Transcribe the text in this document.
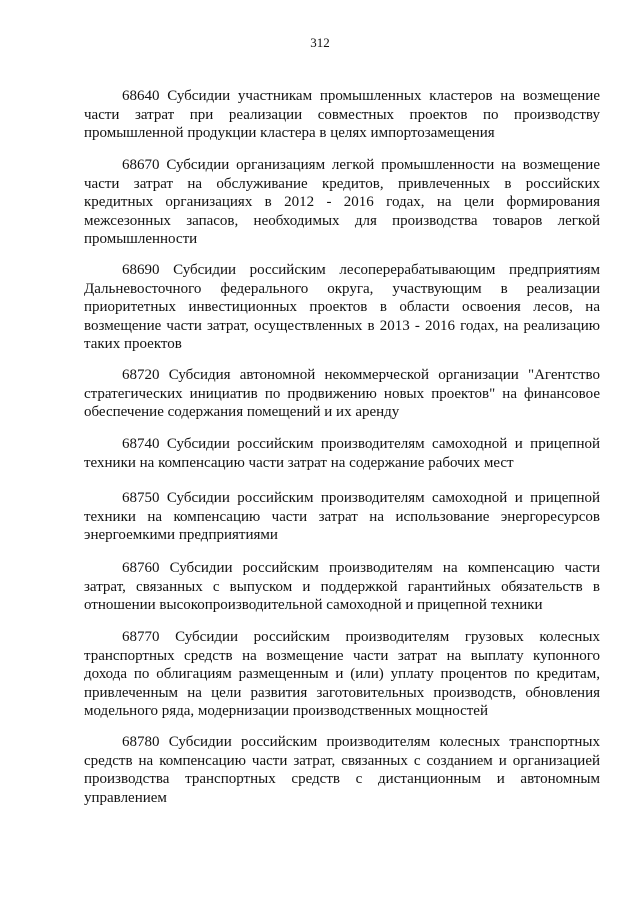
312
68640 Субсидии участникам промышленных кластеров на возмещение
части затрат при реализации совместных проектов по производству
промышленной продукции кластера в целях импортозамещения
68670 Субсидии организациям легкой промышленности на возмещение
части затрат на обслуживание кредитов, привлеченных в российских
кредитных организациях в 2012 - 2016 годах, на цели формирования
межсезонных запасов, необходимых для производства товаров легкой
промышленности
68690 Субсидии российским лесоперерабатывающим предприятиям
Дальневосточного федерального округа, участвующим в реализации
приоритетных инвестиционных проектов в области освоения лесов, на
возмещение части затрат, осуществленных в 2013 - 2016 годах, на реализацию
таких проектов
68720 Субсидия автономной некоммерческой организации "Агентство
стратегических инициатив по продвижению новых проектов" на финансовое
обеспечение содержания помещений и их аренду
68740 Субсидии российским производителям самоходной и прицепной
техники на компенсацию части затрат на содержание рабочих мест
68750 Субсидии российским производителям самоходной и прицепной
техники на компенсацию части затрат на использование энергоресурсов
энергоемкими предприятиями
68760 Субсидии российским производителям на компенсацию части
затрат, связанных с выпуском и поддержкой гарантийных обязательств в
отношении высокопроизводительной самоходной и прицепной техники
68770 Субсидии российским производителям грузовых колесных
транспортных средств на возмещение части затрат на выплату купонного
дохода по облигациям размещенным и (или) уплату процентов по кредитам,
привлеченным на цели развития заготовительных производств, обновления
модельного ряда, модернизации производственных мощностей
68780 Субсидии российским производителям колесных транспортных
средств на компенсацию части затрат, связанных с созданием и организацией
производства транспортных средств с дистанционным и автономным
управлением
